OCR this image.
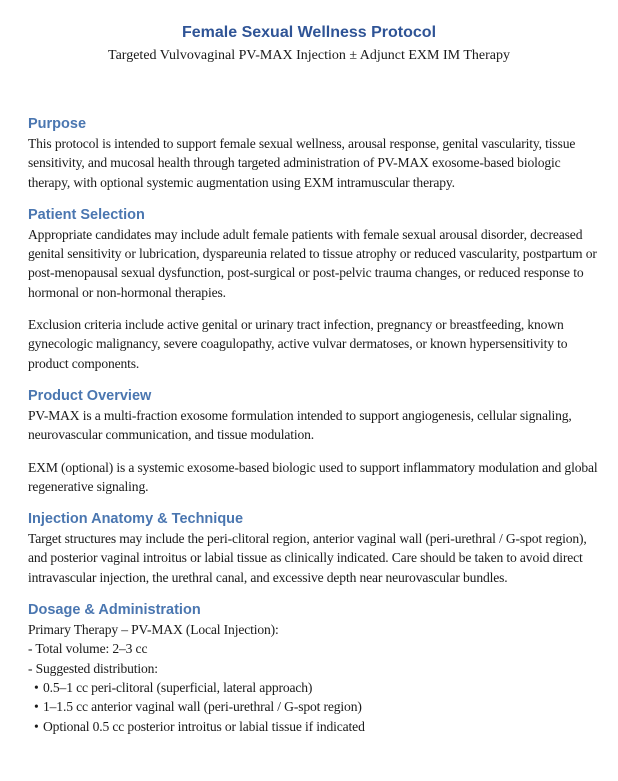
Female Sexual Wellness Protocol
Targeted Vulvovaginal PV-MAX Injection ± Adjunct EXM IM Therapy
Purpose

This protocol is intended to support female sexual wellness, arousal response, genital vascularity, tissue sensitivity, and mucosal health through targeted administration of PV-MAX exosome-based biologic therapy, with optional systemic augmentation using EXM intramuscular therapy.

Patient Selection

Appropriate candidates may include adult female patients with female sexual arousal disorder, decreased genital sensitivity or lubrication, dyspareunia related to tissue atrophy or reduced vascularity, postpartum or post-menopausal sexual dysfunction, post-surgical or post-pelvic trauma changes, or reduced response to hormonal or non-hormonal therapies.

Exclusion criteria include active genital or urinary tract infection, pregnancy or breastfeeding, known gynecologic malignancy, severe coagulopathy, active vulvar dermatoses, or known hypersensitivity to product components.

Product Overview

PV-MAX is a multi-fraction exosome formulation intended to support angiogenesis, cellular signaling, neurovascular communication, and tissue modulation.

EXM (optional) is a systemic exosome-based biologic used to support inflammatory modulation and global regenerative signaling.

Injection Anatomy & Technique

Target structures may include the peri-clitoral region, anterior vaginal wall (peri-urethral / G-spot region), and posterior vaginal introitus or labial tissue as clinically indicated. Care should be taken to avoid direct intravascular injection, the urethral canal, and excessive depth near neurovascular bundles.

Dosage & Administration

Primary Therapy – PV-MAX (Local Injection):

- Total volume: 2–3 cc

- Suggested distribution:

• 0.5–1 cc peri-clitoral (superficial, lateral approach)

• 1–1.5 cc anterior vaginal wall (peri-urethral / G-spot region)

• Optional 0.5 cc posterior introitus or labial tissue if indicated
